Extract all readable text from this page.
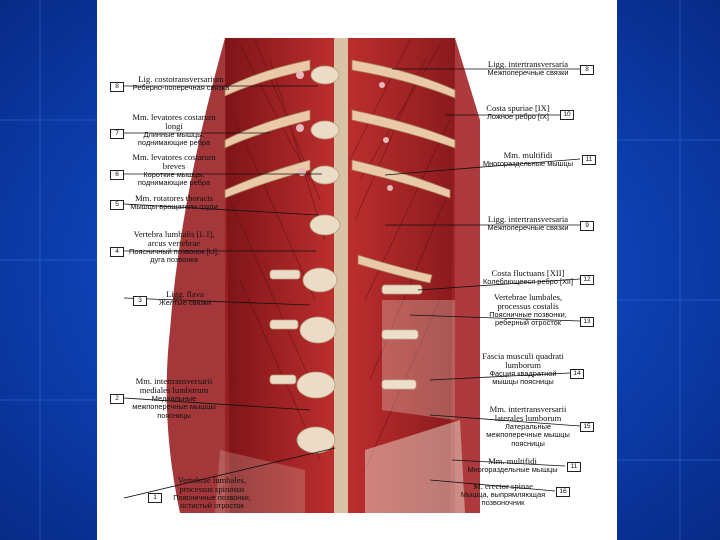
8
Lig. costotransversarium
Реберно-поперечная связка
7
Mm. levatores costarum longi
Длинные мышцы, поднимающие ребра
6
Mm. levatores costarum breves
Короткие мышцы, поднимающие ребра
5
Mm. rotatores thoracis
Мышцы вращатели груди
4
Vertebra lumbalis [L I], arcus vertebrae
Поясничный позвонок [LI], дуга позвонка
3
Ligg. flava
Желтые связки
2
Mm. intertransversarii mediales lumborum
Медиальные межпоперечные мышцы поясницы
1
Vertebrae lumbales, processus spinosus
Поясничные позвонки, остистый отросток
Ligg. intertransversaria
Межпоперечные связки	8
Costa spuriae [IX]
Ложное ребро [IX]	10
Mm. multifidi
Многораздельные мышцы	11
Ligg. intertransversaria
Межпоперечные связки	9
Costa fluctuans [XII]
Колеблющееся ребро [XII]	12
Vertebrae lumbales, processus costalis
Поясничные позвонки, реберный отросток	13
Fascia musculi quadrati lumborum
Фасция квадратной мышцы поясницы
14
Mm. intertransversarii laterales lumborum
Латеральные межпоперечные мышцы поясницы
15
Mm. multifidi
Многораздельные мышцы	11
M. erector spinae
Мышца, выпрямляющая позвоночник
16
